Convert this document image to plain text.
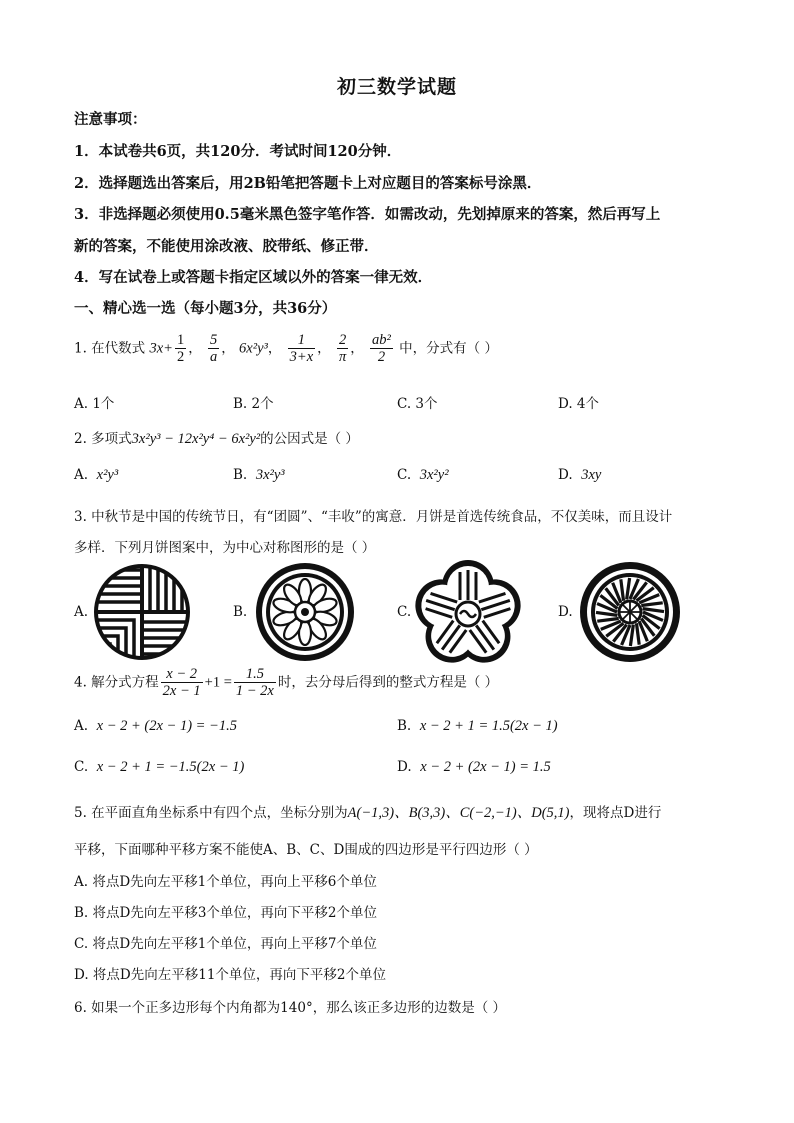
初三数学试题
注意事项：
1．本试卷共6页，共120分．考试时间120分钟．
2．选择题选出答案后，用2B铅笔把答题卡上对应题目的答案标号涂黑．
3．非选择题必须使用0.5毫米黑色签字笔作答．如需改动，先划掉原来的答案，然后再写上
新的答案，不能使用涂改液、胶带纸、修正带．
4．写在试卷上或答题卡指定区域以外的答案一律无效．
一、精心选一选（每小题3分，共36分）
1. 在代数式 $3x+ \frac{1}{2}$ ， $\frac{5}{a}$ ， 6x²y³， $\frac{1}{3+x}$ ， $\frac{2}{\pi}$ ， $\frac{\text{ab²}}{2}$ 中，分式有（ ）
A. 1个	B. 2个	C. 3个	D. 4个
2. 多项式3x²y³ − 12x²y⁴ − 6x²y²的公因式是（ ）
A. x²y³	B. 3x²y³	C. 3x²y²	D. 3xy
3. 中秋节是中国的传统节日，有“团圆”、“丰收”的寓意．月饼是首选传统食品，不仅美味，而且设计
多样．下列月饼图案中，为中心对称图形的是（ ）
A.	B.	C.	D.
4. 解分式方程 $\frac{x - 2}{2x - 1} +1 = \frac{1.5}{1 - 2x}$ 时，去分母后得到的整式方程是（ ）
A. x − 2 + (2x − 1) = −1.5	B. x − 2 + 1 = 1.5(2x − 1)
C. x − 2 + 1 = −1.5(2x − 1)	D. x − 2 + (2x − 1) = 1.5
5. 在平面直角坐标系中有四个点，坐标分别为A(−1,3)、B(3,3)、C(−2,−1)、D(5,1)，现将点D进行
平移，下面哪种平移方案不能使A、B、C、D围成的四边形是平行四边形（ ）
A. 将点D先向左平移1个单位，再向上平移6个单位
B. 将点D先向左平移3个单位，再向下平移2个单位
C. 将点D先向左平移1个单位，再向上平移7个单位
D. 将点D先向左平移11个单位，再向下平移2个单位
6. 如果一个正多边形每个内角都为140°，那么该正多边形的边数是（ ）
